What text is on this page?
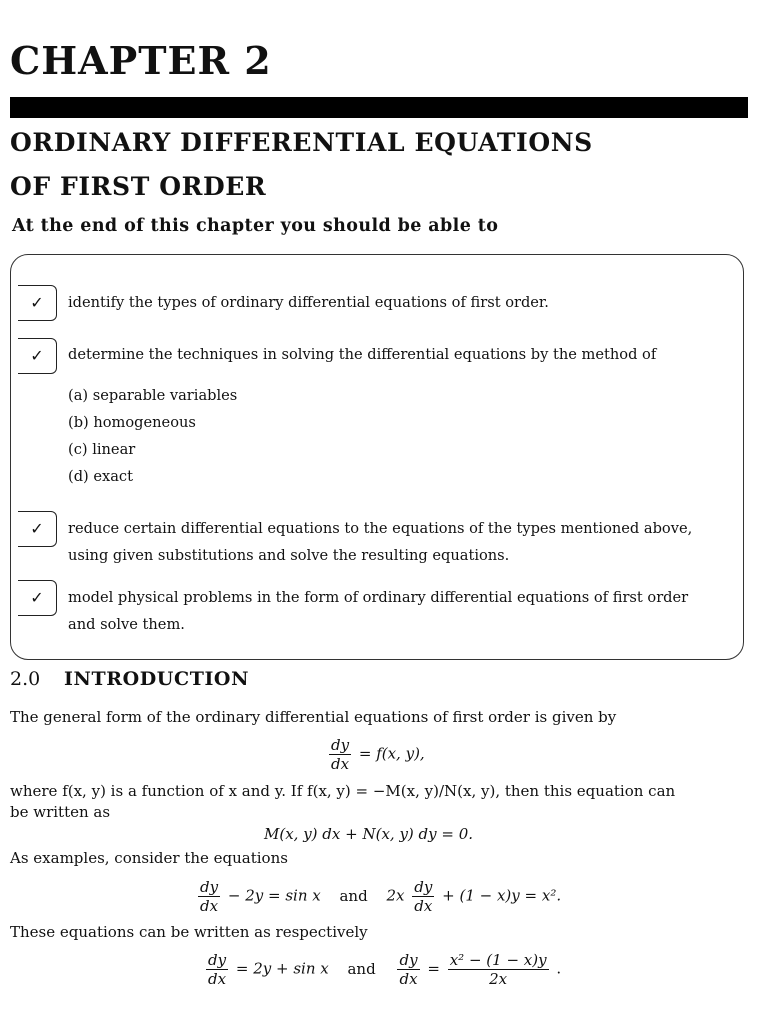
CHAPTER 2
ORDINARY DIFFERENTIAL EQUATIONS
OF FIRST ORDER
At the end of this chapter you should be able to
✓	identify the types of ordinary differential equations of first order.
✓	determine the techniques in solving the differential equations by the method of
(a) separable variables
(b) homogeneous
(c) linear
(d) exact
✓	reduce certain differential equations to the equations of the types mentioned above,
using given substitutions and solve the resulting equations.
✓	model physical problems in the form of ordinary differential equations of first order
and solve them.
2.0 INTRODUCTION
The general form of the ordinary differential equations of first order is given by
$\frac{dy}{dx} = f(x$, y),
where f(x, y) is a function of x and y. If f(x, y) = −M(x, y)/N(x, y), then this equation can
be written as
M(x, y) dx + N(x, y) dy = 0.
As examples, consider the equations
$\frac{dy}{dx} - 2y = \sin x$ and $2x \frac{dy}{dx} + (1 - x)y = x^2$.
These equations can be written as respectively
$\frac{dy}{dx} = 2y + \sin x$ and $\frac{dy}{dx} = \frac{\text{x² − (1 − x)y}}{2x}$ .
